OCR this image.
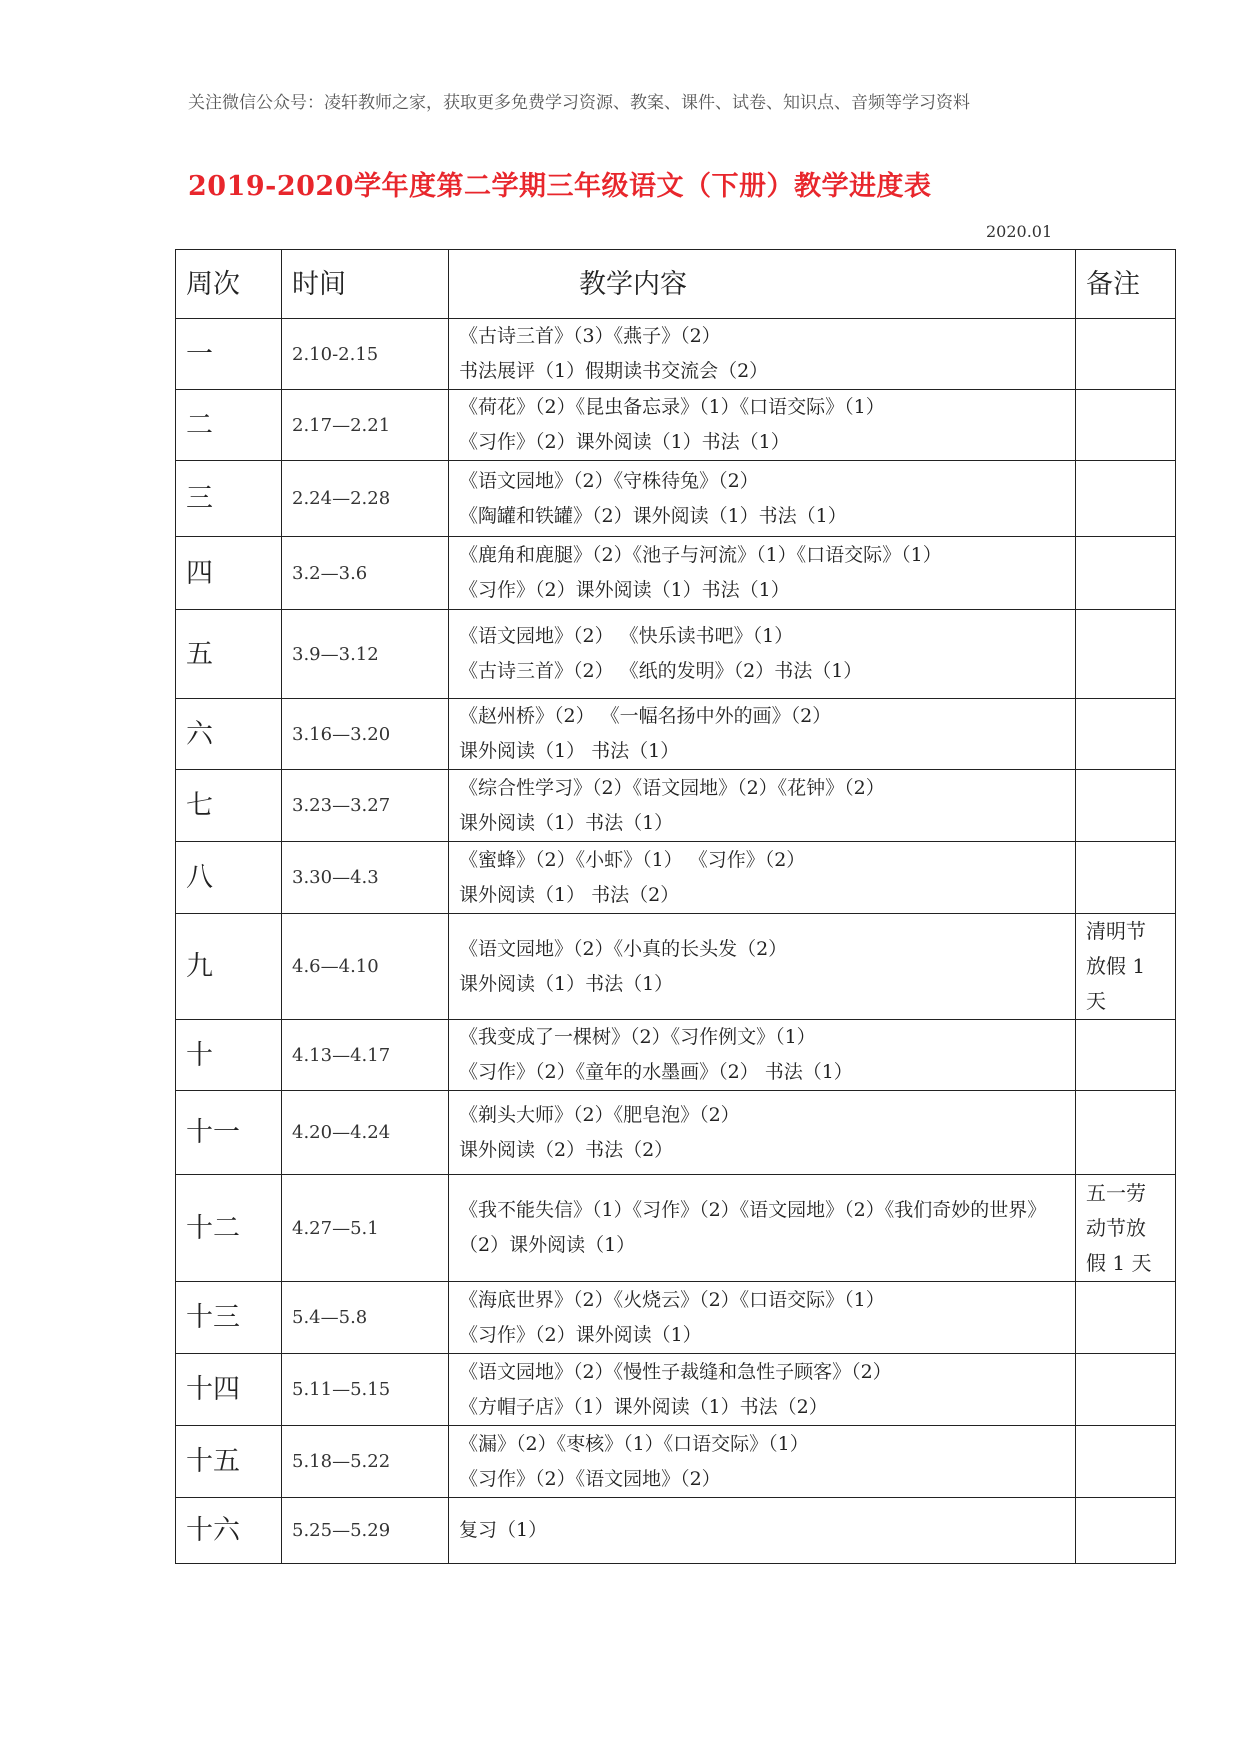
关注微信公众号：凌轩教师之家，获取更多免费学习资源、教案、课件、试卷、知识点、音频等学习资料
2019-2020学年度第二学期三年级语文（下册）教学进度表
2020.01
周次	时间	教学内容	备注
一	2.10-2.15	《古诗三首》（3）《燕子》（2）
书法展评（1）假期读书交流会（2）	

二	2.17—2.21	《荷花》（2）《昆虫备忘录》（1）《口语交际》（1）
《习作》（2）课外阅读（1）书法（1）	

三	2.24—2.28	《语文园地》（2）《守株待兔》（2）
《陶罐和铁罐》（2）课外阅读（1）书法（1）	

四	3.2—3.6	《鹿角和鹿腿》（2）《池子与河流》（1）《口语交际》（1）
《习作》（2）课外阅读（1）书法（1）	

五	3.9—3.12	《语文园地》（2） 《快乐读书吧》（1）
《古诗三首》（2） 《纸的发明》（2）书法（1）	

六	3.16—3.20	《赵州桥》（2） 《一幅名扬中外的画》（2）
课外阅读（1） 书法（1）	

七	3.23—3.27	《综合性学习》（2）《语文园地》（2）《花钟》（2）
课外阅读（1）书法（1）	

八	3.30—4.3	《蜜蜂》（2）《小虾》（1） 《习作》（2）
课外阅读（1） 书法（2）	

九	4.6—4.10	《语文园地》（2）《小真的长头发（2）
课外阅读（1）书法（1）	清明节放假 1 天
十	4.13—4.17	《我变成了一棵树》（2）《习作例文》（1）
《习作》（2）《童年的水墨画》（2） 书法（1）	

十一	4.20—4.24	《剃头大师》（2）《肥皂泡》（2）
课外阅读（2）书法（2）	

十二	4.27—5.1	《我不能失信》（1）《习作》（2）《语文园地》（2）《我们奇妙的世界》（2）课外阅读（1）	五一劳动节放假 1 天
十三	5.4—5.8	《海底世界》（2）《火烧云》（2）《口语交际》（1）
《习作》（2）课外阅读（1）	

十四	5.11—5.15	《语文园地》（2）《慢性子裁缝和急性子顾客》（2）
《方帽子店》（1）课外阅读（1）书法（2）	

十五	5.18—5.22	《漏》（2）《枣核》（1）《口语交际》（1）
《习作》（2）《语文园地》（2）	

十六	5.25—5.29	复习（1）	
